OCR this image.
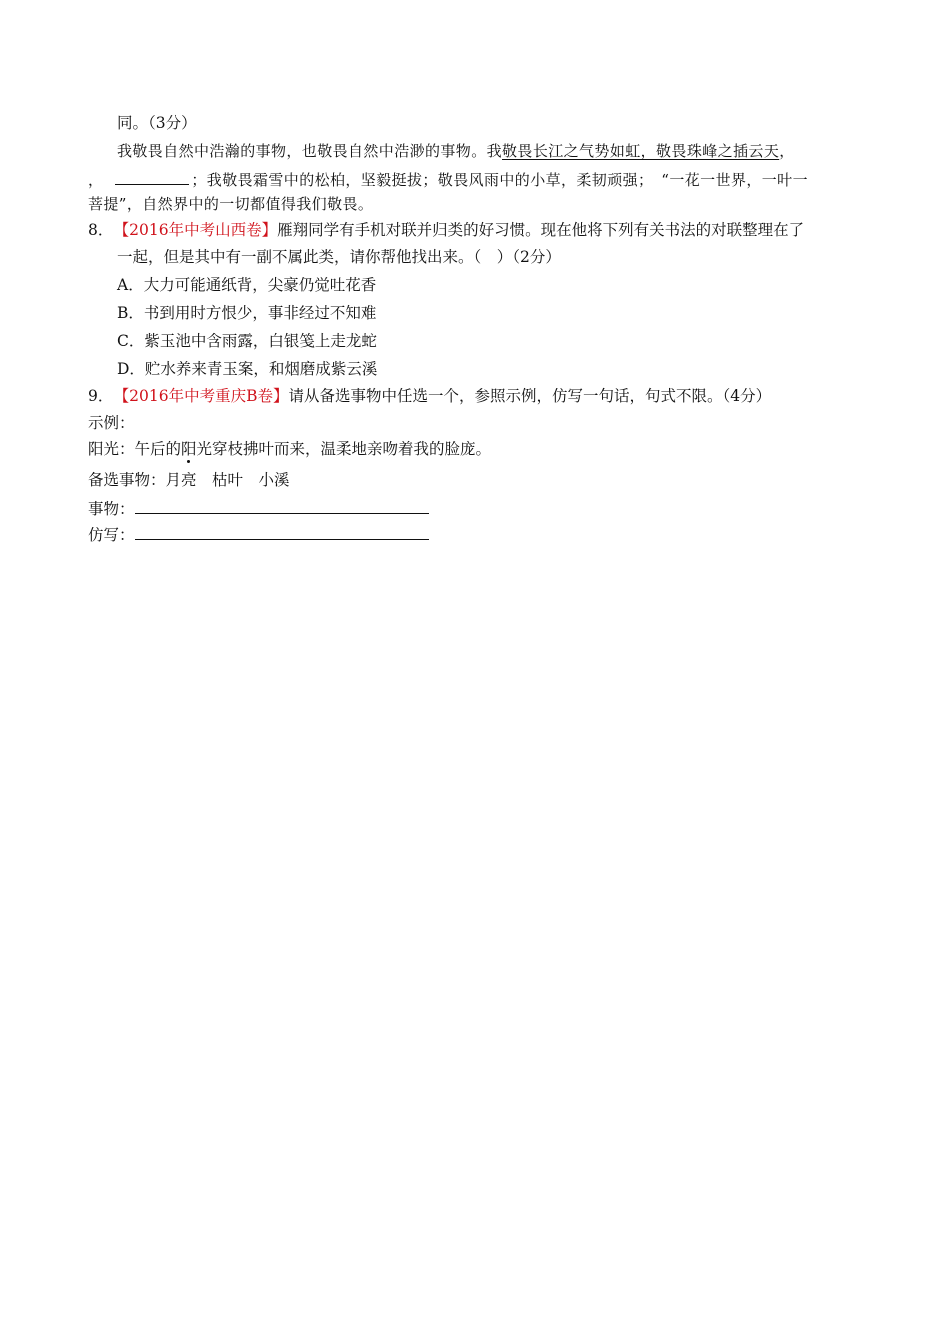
同。（3分）
我敬畏自然中浩瀚的事物，也敬畏自然中浩渺的事物。我敬畏长江之气势如虹，敬畏珠峰之插云天，
，	；我敬畏霜雪中的松柏，坚毅挺拔；敬畏风雨中的小草，柔韧顽强；　“一花一世界，一叶一
菩提”，自然界中的一切都值得我们敬畏。
8． 【2016年中考山西卷】雁翔同学有手机对联并归类的好习惯。现在他将下列有关书法的对联整理在了
一起，但是其中有一副不属此类，请你帮他找出来。（　）（2分）
A．大力可能通纸背，尖豪仍觉吐花香
B．书到用时方恨少，事非经过不知难
C．紫玉池中含雨露，白银笺上走龙蛇
D．贮水养来青玉案，和烟磨成紫云溪
9． 【2016年中考重庆B卷】请从备选事物中任选一个，参照示例，仿写一句话，句式不限。（4分）
示例：
阳光：午后的阳光穿枝拂叶而来，温柔地亲吻着我的脸庞。
备选事物：月亮　枯叶　小溪
事物：
仿写：
